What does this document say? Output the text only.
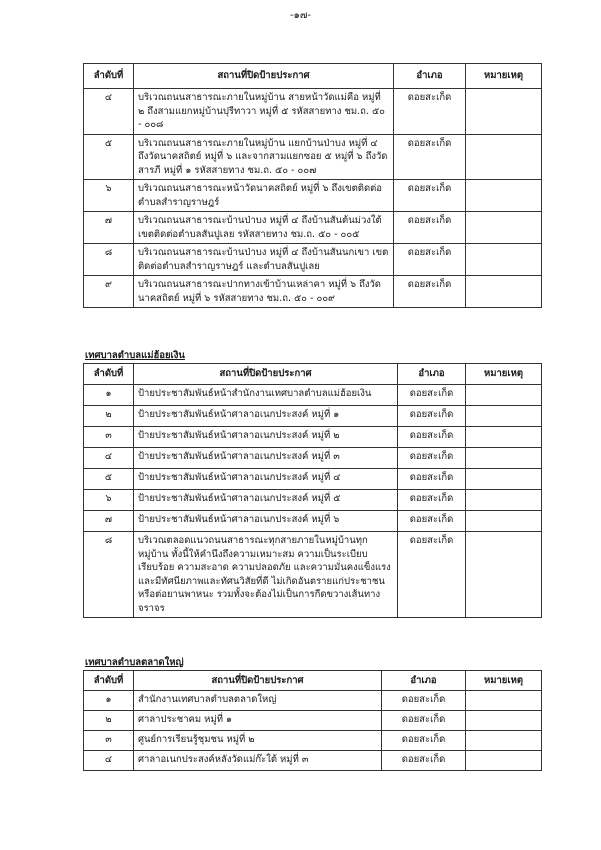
-๑๗-
ลำดับที่	สถานที่ปิดป้ายประกาศ	อำเภอ	หมายเหตุ
๔	บริเวณถนนสาธารณะภายในหมู่บ้าน สายหน้าวัดแม่คือ หมู่ที่ ๒ ถึงสามแยกหมู่บ้านปุรีทาวา หมู่ที่ ๕ รหัสสายทาง ชม.ถ. ๕๐ - ๐๐๘	ดอยสะเก็ด	
๕	บริเวณถนนสาธารณะภายในหมู่บ้าน แยกบ้านป่าบง หมู่ที่ ๔ ถึงวัดนาคสถิตย์ หมู่ที่ ๖ และจากสามแยกซอย ๕ หมู่ที่ ๖ ถึงวัดสารภี หมู่ที่ ๑ รหัสสายทาง ชม.ถ. ๕๐ - ๐๐๗	ดอยสะเก็ด	
๖	บริเวณถนนสาธารณะหน้าวัดนาคสถิตย์ หมู่ที่ ๖ ถึงเขตติดต่อตำบลสำราญราษฎร์	ดอยสะเก็ด	
๗	บริเวณถนนสาธารณะบ้านป่าบง หมู่ที่ ๔ ถึงบ้านสันต้นม่วงใต้ เขตติดต่อตำบลสันปูเลย รหัสสายทาง ชม.ถ. ๕๐ - ๐๐๕	ดอยสะเก็ด	
๘	บริเวณถนนสาธารณะบ้านป่าบง หมู่ที่ ๔ ถึงบ้านสันนกเขา เขตติดต่อตำบลสำราญราษฎร์ และตำบลสันปูเลย	ดอยสะเก็ด	
๙	บริเวณถนนสาธารณะปากทางเข้าบ้านเหล่าคา หมู่ที่ ๖ ถึงวัดนาคสถิตย์ หมู่ที่ ๖ รหัสสายทาง ชม.ถ. ๕๐ - ๐๐๙	ดอยสะเก็ด	
เทศบาลตำบลแม่ฮ้อยเงิน
ลำดับที่	สถานที่ปิดป้ายประกาศ	อำเภอ	หมายเหตุ
๑	ป้ายประชาสัมพันธ์หน้าสำนักงานเทศบาลตำบลแม่ฮ้อยเงิน	ดอยสะเก็ด	
๒	ป้ายประชาสัมพันธ์หน้าศาลาอเนกประสงค์ หมู่ที่ ๑	ดอยสะเก็ด	
๓	ป้ายประชาสัมพันธ์หน้าศาลาอเนกประสงค์ หมู่ที่ ๒	ดอยสะเก็ด	
๔	ป้ายประชาสัมพันธ์หน้าศาลาอเนกประสงค์ หมู่ที่ ๓	ดอยสะเก็ด	
๕	ป้ายประชาสัมพันธ์หน้าศาลาอเนกประสงค์ หมู่ที่ ๔	ดอยสะเก็ด	
๖	ป้ายประชาสัมพันธ์หน้าศาลาอเนกประสงค์ หมู่ที่ ๕	ดอยสะเก็ด	
๗	ป้ายประชาสัมพันธ์หน้าศาลาอเนกประสงค์ หมู่ที่ ๖	ดอยสะเก็ด	
๘	บริเวณตลอดแนวถนนสาธารณะทุกสายภายในหมู่บ้านทุกหมู่บ้าน ทั้งนี้ให้คำนึงถึงความเหมาะสม ความเป็นระเบียบเรียบร้อย ความสะอาด ความปลอดภัย และความมั่นคงแข็งแรง และมีทัศนียภาพและทัศนวิสัยที่ดี ไม่เกิดอันตรายแก่ประชาชนหรือต่อยานพาหนะ รวมทั้งจะต้องไม่เป็นการกีดขวางเส้นทางจราจร	ดอยสะเก็ด	
เทศบาลตำบลตลาดใหญ่
ลำดับที่	สถานที่ปิดป้ายประกาศ	อำเภอ	หมายเหตุ
๑	สำนักงานเทศบาลตำบลตลาดใหญ่	ดอยสะเก็ด	
๒	ศาลาประชาคม หมู่ที่ ๑	ดอยสะเก็ด	
๓	ศูนย์การเรียนรู้ชุมชน หมู่ที่ ๒	ดอยสะเก็ด	
๔	ศาลาอเนกประสงค์หลังวัดแม่ก๊ะใต้ หมู่ที่ ๓	ดอยสะเก็ด	
